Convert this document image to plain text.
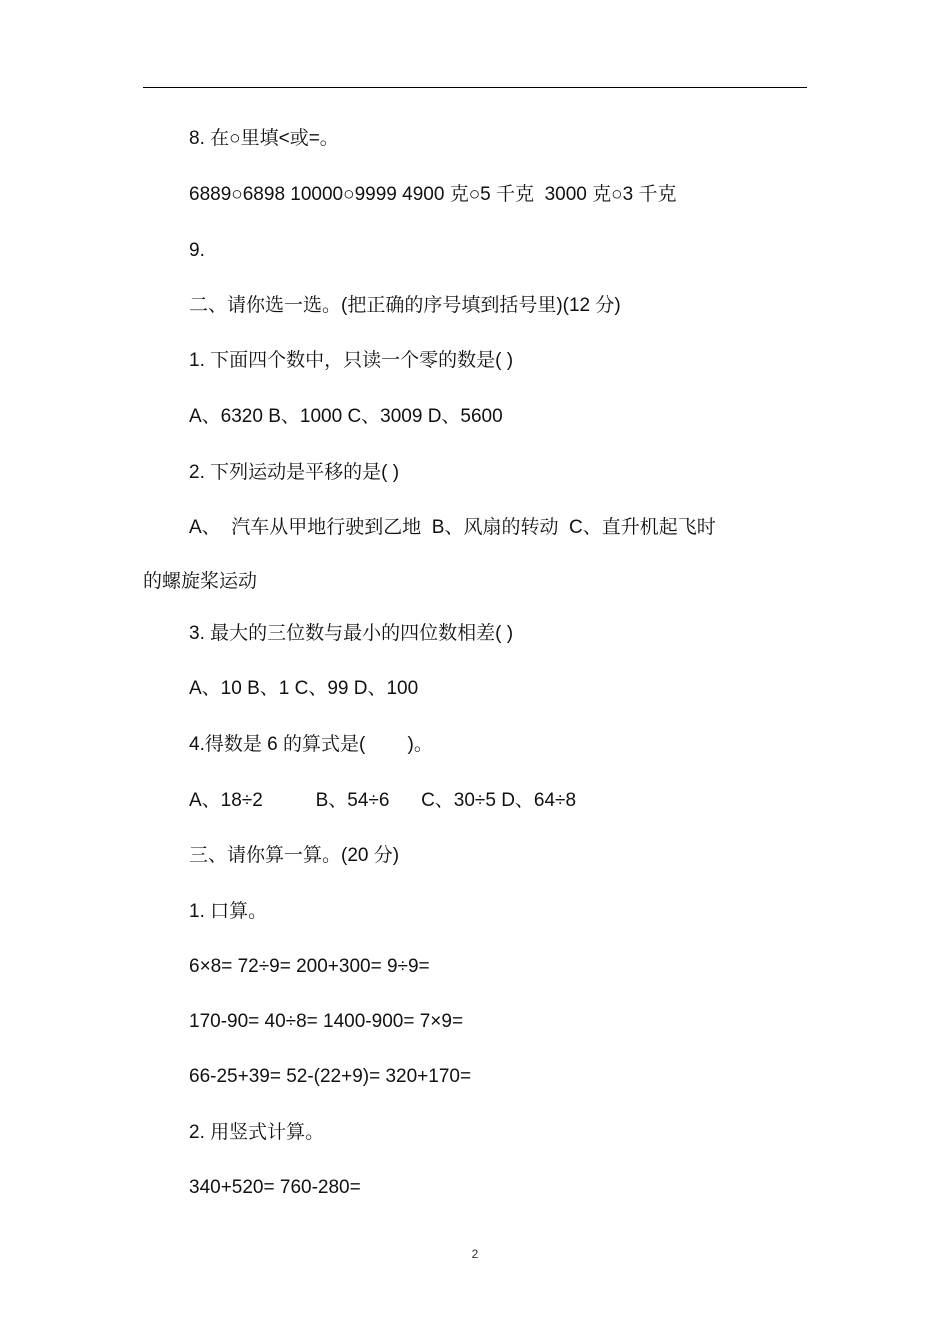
8. 在○里填<或=。
6889○6898 10000○9999 4900 克○5 千克  3000 克○3 千克
9.
二、请你选一选。(把正确的序号填到括号里)(12 分)
1. 下面四个数中，只读一个零的数是( )
A、6320 B、1000 C、3009 D、5600
2. 下列运动是平移的是( )
A、  汽车从甲地行驶到乙地  B、风扇的转动  C、直升机起飞时
的螺旋桨运动
3. 最大的三位数与最小的四位数相差( )
A、10 B、1 C、99 D、100
4.得数是 6 的算式是(        )。
A、18÷2          B、54÷6      C、30÷5 D、64÷8
三、请你算一算。(20 分)
1. 口算。
6×8= 72÷9= 200+300= 9÷9=
170-90= 40÷8= 1400-900= 7×9=
66-25+39= 52-(22+9)= 320+170=
2. 用竖式计算。
340+520= 760-280=
2
